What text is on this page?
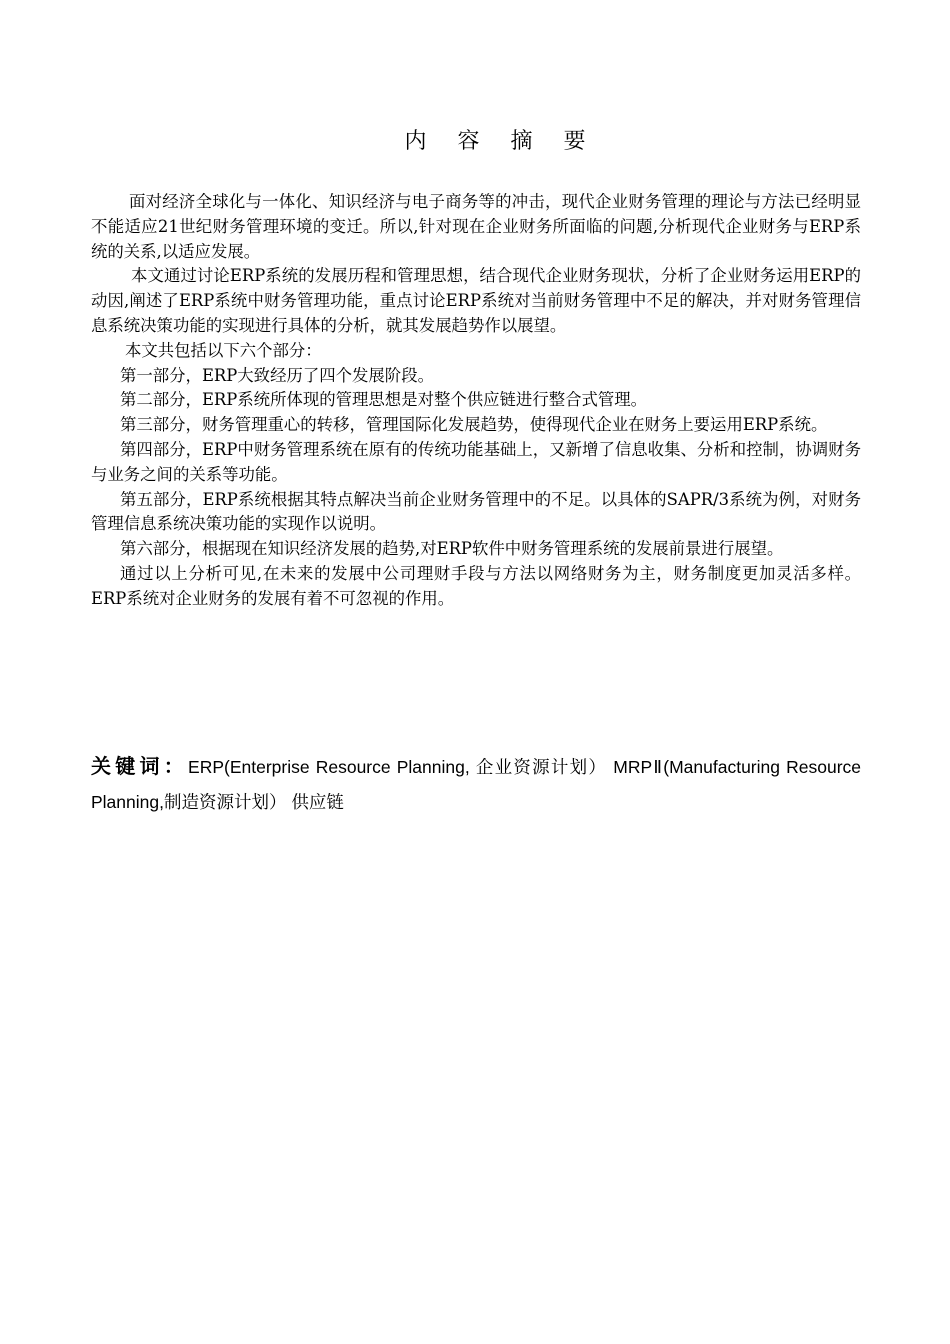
内 容 摘 要

面对经济全球化与一体化、知识经济与电子商务等的冲击，现代企业财务管理的理论与方法已经明显不能适应21世纪财务管理环境的变迁。所以,针对现在企业财务所面临的问题,分析现代企业财务与ERP系统的关系,以适应发展。

本文通过讨论ERP系统的发展历程和管理思想，结合现代企业财务现状，分析了企业财务运用ERP的动因,阐述了ERP系统中财务管理功能，重点讨论ERP系统对当前财务管理中不足的解决，并对财务管理信息系统决策功能的实现进行具体的分析，就其发展趋势作以展望。

本文共包括以下六个部分：

第一部分，ERP大致经历了四个发展阶段。

第二部分，ERP系统所体现的管理思想是对整个供应链进行整合式管理。

第三部分，财务管理重心的转移，管理国际化发展趋势，使得现代企业在财务上要运用ERP系统。

第四部分，ERP中财务管理系统在原有的传统功能基础上，又新增了信息收集、分析和控制，协调财务与业务之间的关系等功能。

第五部分，ERP系统根据其特点解决当前企业财务管理中的不足。以具体的SAPR/3系统为例，对财务管理信息系统决策功能的实现作以说明。

第六部分，根据现在知识经济发展的趋势,对ERP软件中财务管理系统的发展前景进行展望。

通过以上分析可见,在未来的发展中公司理财手段与方法以网络财务为主，财务制度更加灵活多样。ERP系统对企业财务的发展有着不可忽视的作用。

关键词：ERP(Enterprise Resource Planning, 企业资源计划） MRPⅡ(Manufacturing Resource Planning,制造资源计划） 供应链
